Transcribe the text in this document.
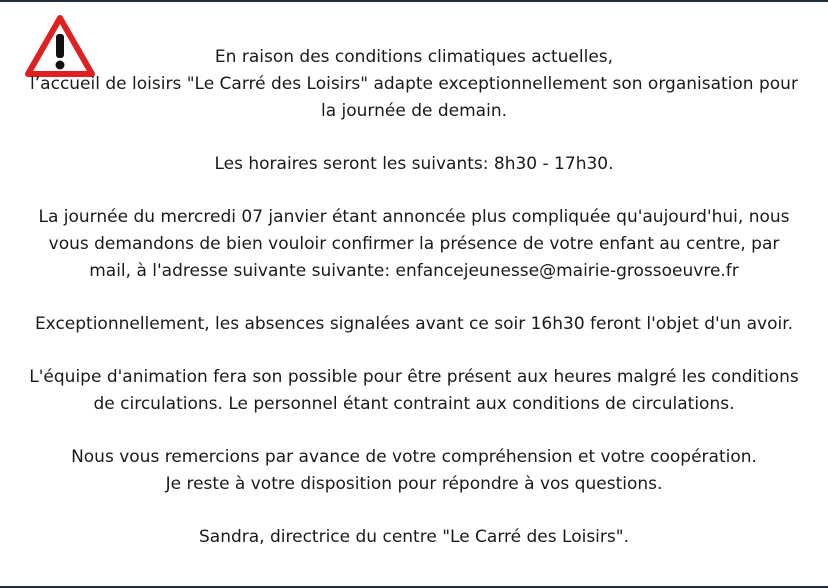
En raison des conditions climatiques actuelles,
l’accueil de loisirs "Le Carré des Loisirs" adapte exceptionnellement son organisation pour
la journée de demain.

Les horaires seront les suivants: 8h30 - 17h30.

La journée du mercredi 07 janvier étant annoncée plus compliquée qu'aujourd'hui, nous
vous demandons de bien vouloir confirmer la présence de votre enfant au centre, par
mail, à l'adresse suivante suivante: enfancejeunesse@mairie-grossoeuvre.fr

Exceptionnellement, les absences signalées avant ce soir 16h30 feront l'objet d'un avoir.

L'équipe d'animation fera son possible pour être présent aux heures malgré les conditions
de circulations. Le personnel étant contraint aux conditions de circulations.

Nous vous remercions par avance de votre compréhension et votre coopération.
Je reste à votre disposition pour répondre à vos questions.

Sandra, directrice du centre "Le Carré des Loisirs".
